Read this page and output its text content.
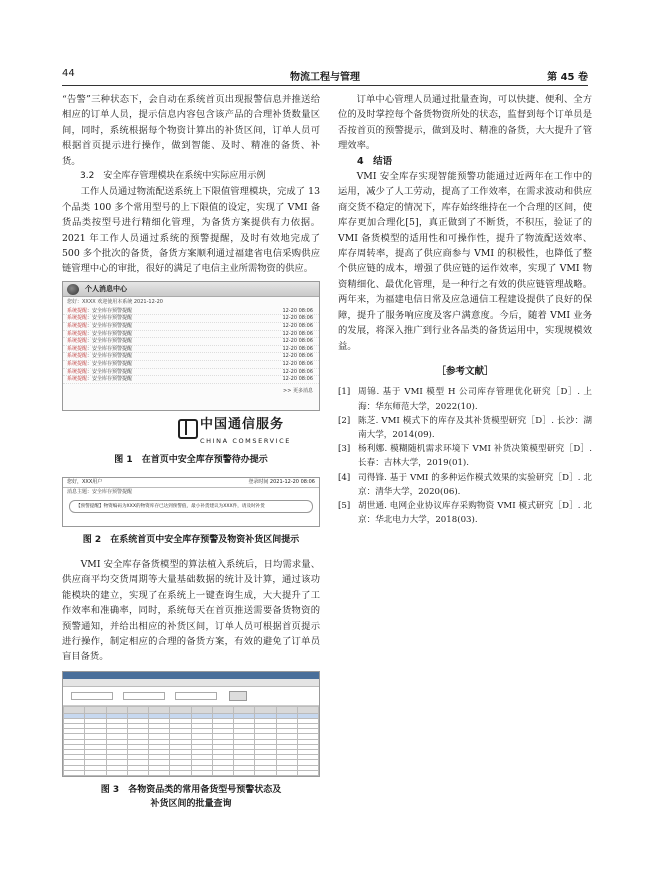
44	物流工程与管理	第 45 卷

“告警”三种状态下，会自动在系统首页出现报警信息并推送给相应的订单人员，提示信息内容包含该产品的合理补货数量区间，同时，系统根据每个物资计算出的补货区间，订单人员可根据首页提示进行操作，做到智能、及时、精准的备货、补货。

3.2　安全库存管理模块在系统中实际应用示例

工作人员通过物流配送系统上下限值管理模块，完成了 13 个品类 100 多个常用型号的上下限值的设定，实现了 VMI 备货品类按型号进行精细化管理，为备货方案提供有力依据。2021 年工作人员通过系统的预警提醒，及时有效地完成了 500 多个批次的备货，备货方案顺利通过福建省电信采购供应链管理中心的审批，很好的满足了电信主业所需物资的供应。

个人消息中心
您好：XXXX 欢迎使用本系统 2021-12-20
系统提醒：安全库存预警提醒	12-20 08:06
系统提醒：安全库存预警提醒	12-20 08:06
系统提醒：安全库存预警提醒	12-20 08:06
系统提醒：安全库存预警提醒	12-20 08:06
系统提醒：安全库存预警提醒	12-20 08:06
系统提醒：安全库存预警提醒	12-20 08:06
系统提醒：安全库存预警提醒	12-20 08:06
系统提醒：安全库存预警提醒	12-20 08:06
系统提醒：安全库存预警提醒	12-20 08:06
系统提醒：安全库存预警提醒	12-20 08:06
>> 更多消息
中国通信服务
CHINA COMSERVICE
图 1　在首页中安全库存预警待办提示
您好，XXX用户	登录时间 2021-12-20 08:06
消息主题：安全库存预警提醒
【预警提醒】物资编码为XXX的物资库存已达到预警值，最小补货建议为XXX件，请及时补货
图 2　在系统首页中安全库存预警及物资补货区间提示

VMI 安全库存备货模型的算法植入系统后，日均需求量、供应商平均交货周期等大量基础数据的统计及计算，通过该功能模块的建立，实现了在系统上一键查询生成，大大提升了工作效率和准确率，同时，系统每天在首页推送需要备货物资的预警通知，并给出相应的补货区间，订单人员可根据首页提示进行操作，制定相应的合理的备货方案，有效的避免了订单员盲目备货。

图 3　各物资品类的常用备货型号预警状态及
补货区间的批量查询

订单中心管理人员通过批量查询，可以快捷、便利、全方位的及时掌控每个备货物资所处的状态，监督到每个订单员是否按首页的预警提示，做到及时、精准的备货，大大提升了管理效率。

4　结语

VMI 安全库存实现智能预警功能通过近两年在工作中的运用，减少了人工劳动，提高了工作效率，在需求波动和供应商交货不稳定的情况下，库存始终维持在一个合理的区间，使库存更加合理化[5]，真正做到了不断货，不积压，验证了的 VMI 备货模型的适用性和可操作性，提升了物流配送效率、库存周转率，提高了供应商参与 VMI 的积极性，也降低了整个供应链的成本，增强了供应链的运作效率，实现了 VMI 物资精细化、最优化管理，是一种行之有效的供应链管理战略。两年来，为福建电信日常及应急通信工程建设提供了良好的保障，提升了服务响应度及客户满意度。今后，随着 VMI 业务的发展，将深入推广到行业各品类的备货运用中，实现规模效益。

［参考文献］
[1] 周锦. 基于 VMI 模型 H 公司库存管理优化研究［D］. 上海：华东师范大学，2022(10).
[2] 陈芝. VMI 模式下的库存及其补货模型研究［D］. 长沙：湖南大学，2014(09).
[3] 杨利娜. 模糊随机需求环境下 VMI 补货决策模型研究［D］. 长春：吉林大学，2019(01).
[4] 司得锋. 基于 VMI 的多种运作模式效果的实验研究［D］. 北京：清华大学，2020(06).
[5] 胡世通. 电网企业协议库存采购物资 VMI 模式研究［D］. 北京：华北电力大学，2018(03).
